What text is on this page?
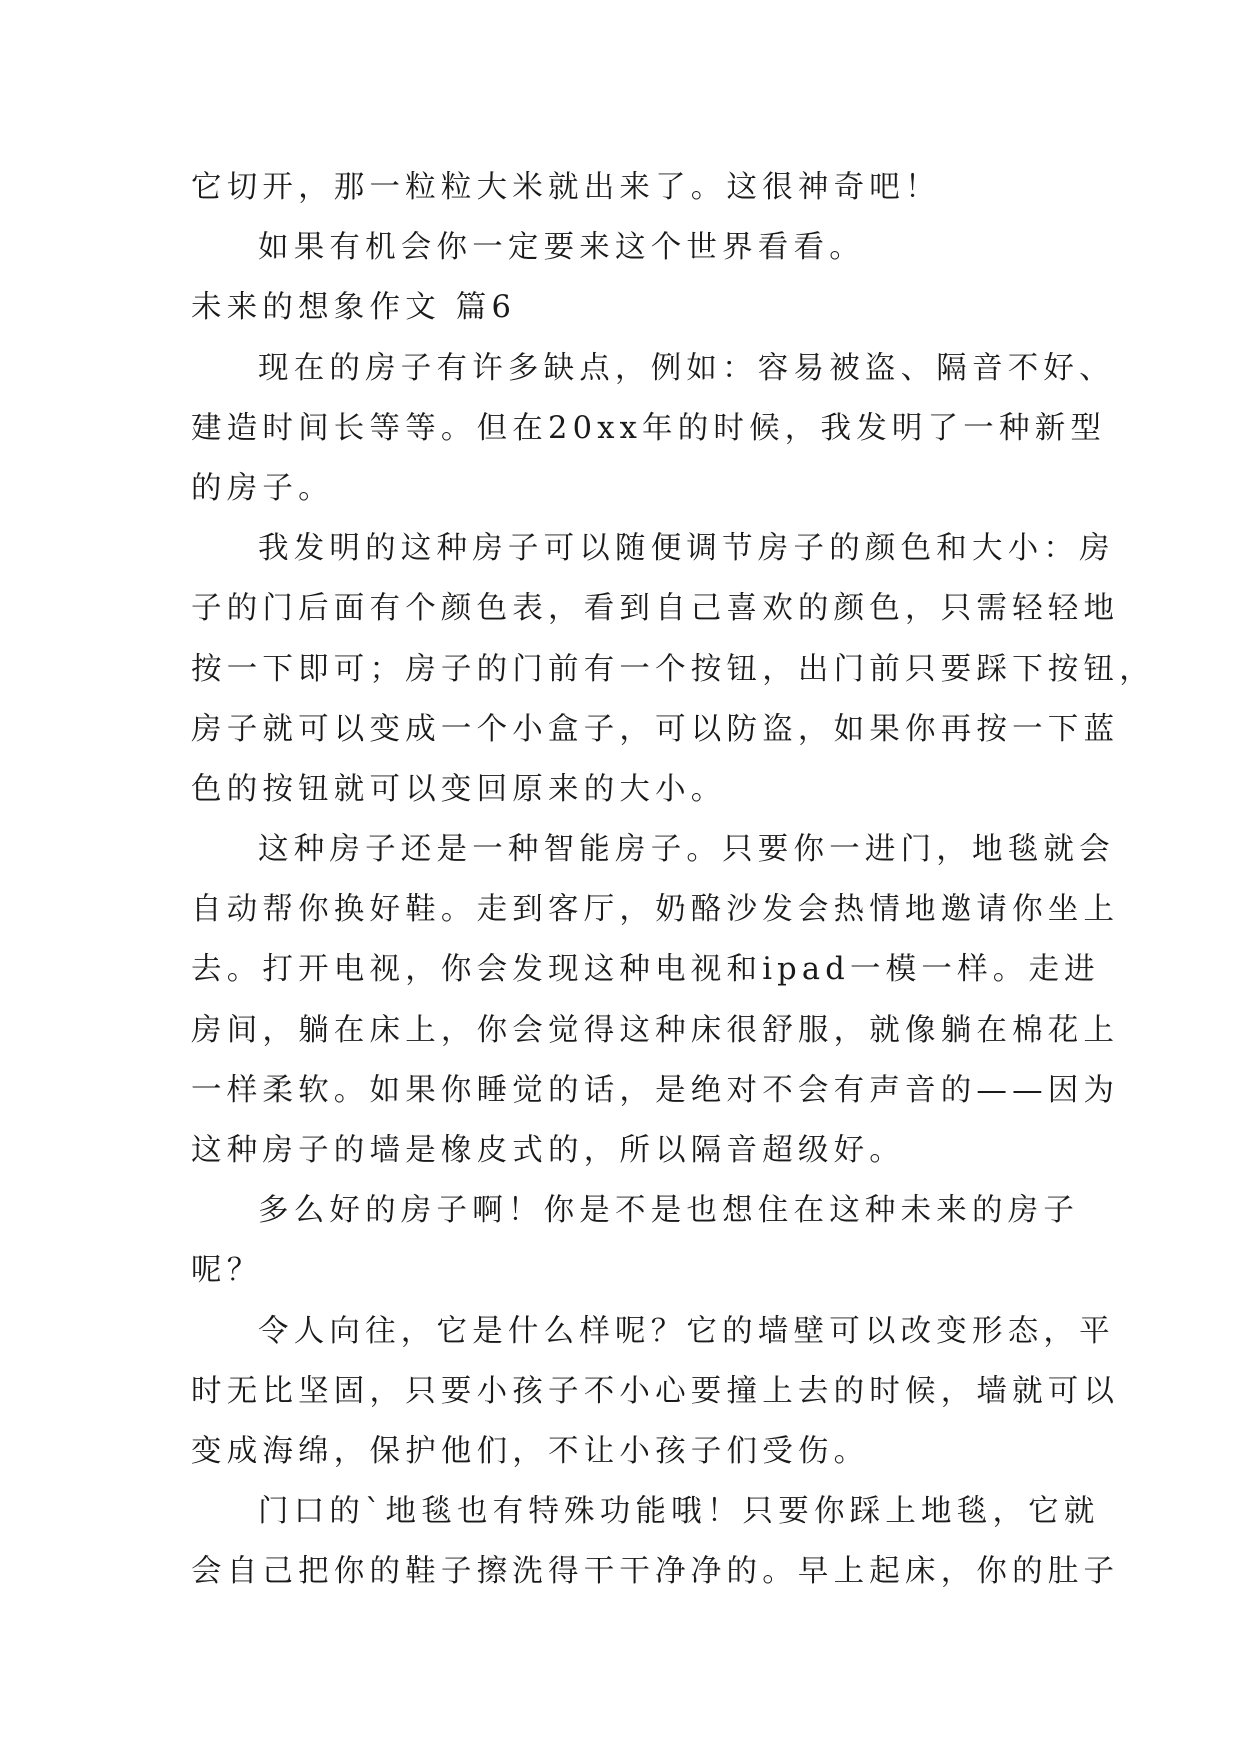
它切开，那一粒粒大米就出来了。这很神奇吧！
如果有机会你一定要来这个世界看看。
未来的想象作文 篇6
现在的房子有许多缺点，例如：容易被盗、隔音不好、
建造时间长等等。但在20xx年的时候，我发明了一种新型
的房子。
我发明的这种房子可以随便调节房子的颜色和大小：房
子的门后面有个颜色表，看到自己喜欢的颜色，只需轻轻地
按一下即可；房子的门前有一个按钮，出门前只要踩下按钮，
房子就可以变成一个小盒子，可以防盗，如果你再按一下蓝
色的按钮就可以变回原来的大小。
这种房子还是一种智能房子。只要你一进门，地毯就会
自动帮你换好鞋。走到客厅，奶酪沙发会热情地邀请你坐上
去。打开电视，你会发现这种电视和ipad一模一样。走进
房间，躺在床上，你会觉得这种床很舒服，就像躺在棉花上
一样柔软。如果你睡觉的话，是绝对不会有声音的——因为
这种房子的墙是橡皮式的，所以隔音超级好。
多么好的房子啊！你是不是也想住在这种未来的房子
呢？
令人向往，它是什么样呢？它的墙壁可以改变形态，平
时无比坚固，只要小孩子不小心要撞上去的时候，墙就可以
变成海绵，保护他们，不让小孩子们受伤。
门口的`地毯也有特殊功能哦！只要你踩上地毯，它就
会自己把你的鞋子擦洗得干干净净的。早上起床，你的肚子
